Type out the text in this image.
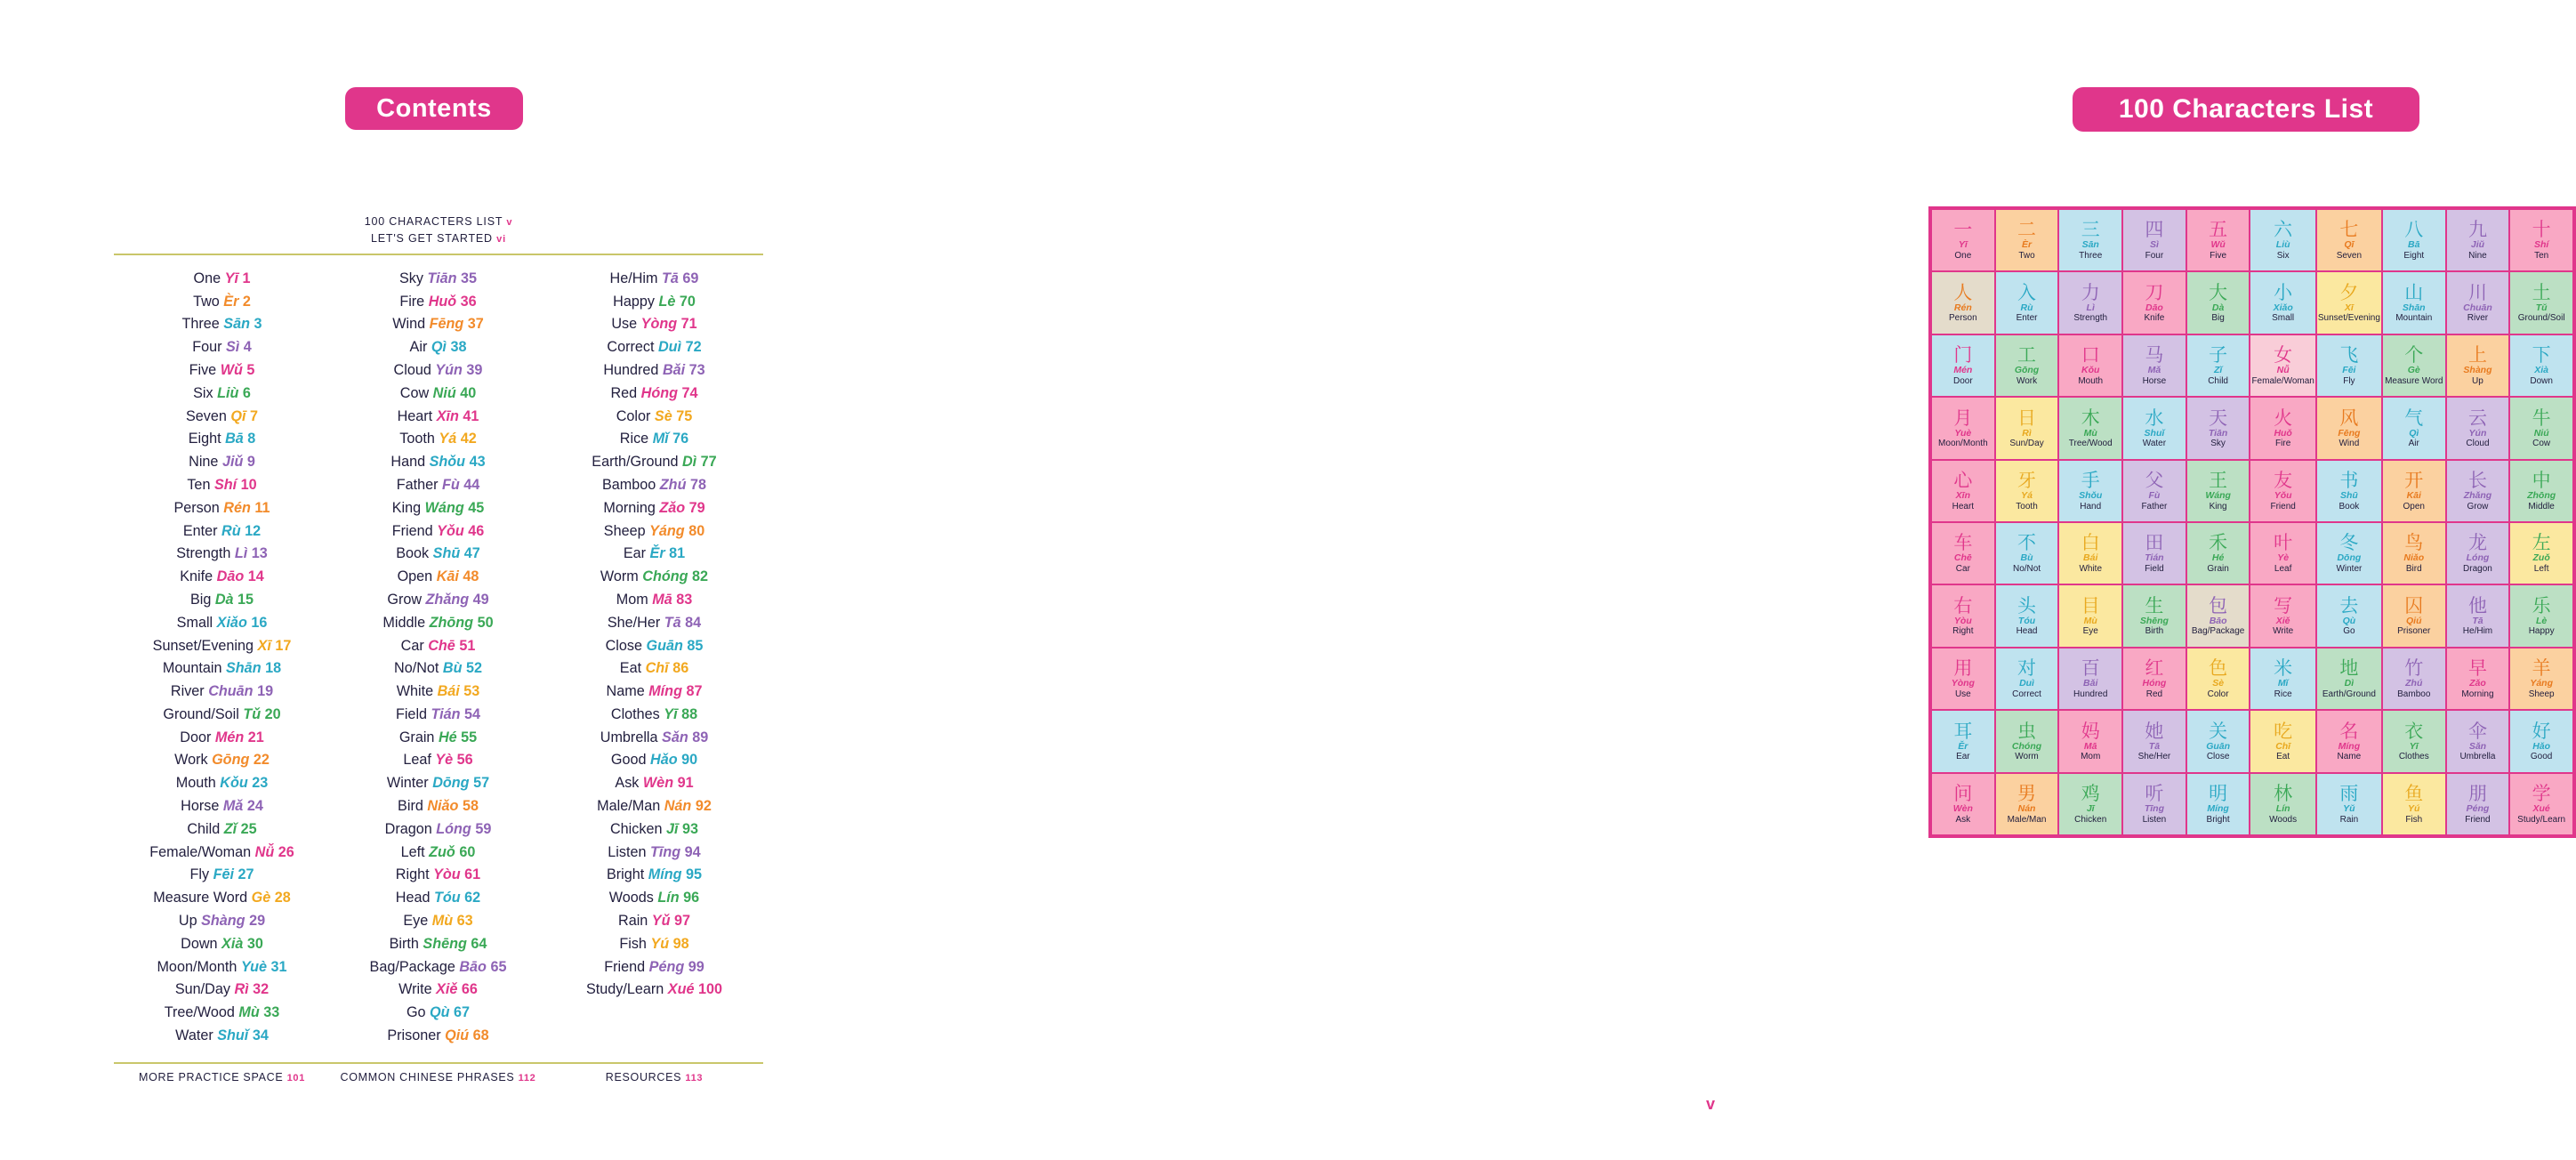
Contents
100 CHARACTERS LIST v
LET'S GET STARTED vi
One Yī 1
Two Èr 2
Three Sān 3
Four Sì 4
Five Wǔ 5
Six Liù 6
Seven Qī 7
Eight Bā 8
Nine Jiǔ 9
Ten Shí 10
Person Rén 11
Enter Rù 12
Strength Lì 13
Knife Dāo 14
Big Dà 15
Small Xiǎo 16
Sunset/Evening Xī 17
Mountain Shān 18
River Chuān 19
Ground/Soil Tǔ 20
Door Mén 21
Work Gōng 22
Mouth Kǒu 23
Horse Mǎ 24
Child Zǐ 25
Female/Woman Nǚ 26
Fly Fēi 27
Measure Word Gè 28
Up Shàng 29
Down Xià 30
Moon/Month Yuè 31
Sun/Day Rì 32
Tree/Wood Mù 33
Water Shuǐ 34
Sky Tiān 35
Fire Huǒ 36
Wind Fēng 37
Air Qì 38
Cloud Yún 39
Cow Niú 40
Heart Xīn 41
Tooth Yá 42
Hand Shǒu 43
Father Fù 44
King Wáng 45
Friend Yǒu 46
Book Shū 47
Open Kāi 48
Grow Zhǎng 49
Middle Zhōng 50
Car Chē 51
No/Not Bù 52
White Bái 53
Field Tián 54
Grain Hé 55
Leaf Yè 56
Winter Dōng 57
Bird Niǎo 58
Dragon Lóng 59
Left Zuǒ 60
Right Yòu 61
Head Tóu 62
Eye Mù 63
Birth Shēng 64
Bag/Package Bāo 65
Write Xiě 66
Go Qù 67
Prisoner Qiú 68
He/Him Tā 69
Happy Lè 70
Use Yòng 71
Correct Duì 72
Hundred Bǎi 73
Red Hóng 74
Color Sè 75
Rice Mǐ 76
Earth/Ground Dì 77
Bamboo Zhú 78
Morning Zǎo 79
Sheep Yáng 80
Ear Ěr 81
Worm Chóng 82
Mom Mā 83
She/Her Tā 84
Close Guān 85
Eat Chī 86
Name Míng 87
Clothes Yī 88
Umbrella Sǎn 89
Good Hǎo 90
Ask Wèn 91
Male/Man Nán 92
Chicken Jī 93
Listen Tīng 94
Bright Míng 95
Woods Lín 96
Rain Yǔ 97
Fish Yú 98
Friend Péng 99
Study/Learn Xué 100
MORE PRACTICE SPACE 101	COMMON CHINESE PHRASES 112	RESOURCES 113
100 Characters List
一
Yī
One
二
Èr
Two
三
Sān
Three
四
Sì
Four
五
Wǔ
Five
六
Liù
Six
七
Qī
Seven
八
Bā
Eight
九
Jiǔ
Nine
十
Shí
Ten
人
Rén
Person
入
Rù
Enter
力
Lì
Strength
刀
Dāo
Knife
大
Dà
Big
小
Xiǎo
Small
夕
Xī
Sunset/Evening
山
Shān
Mountain
川
Chuān
River
土
Tǔ
Ground/Soil
门
Mén
Door
工
Gōng
Work
口
Kǒu
Mouth
马
Mǎ
Horse
子
Zǐ
Child
女
Nǚ
Female/Woman
飞
Fēi
Fly
个
Gè
Measure Word
上
Shàng
Up
下
Xià
Down
月
Yuè
Moon/Month
日
Rì
Sun/Day
木
Mù
Tree/Wood
水
Shuǐ
Water
天
Tiān
Sky
火
Huǒ
Fire
风
Fēng
Wind
气
Qì
Air
云
Yún
Cloud
牛
Niú
Cow
心
Xīn
Heart
牙
Yá
Tooth
手
Shǒu
Hand
父
Fù
Father
王
Wáng
King
友
Yǒu
Friend
书
Shū
Book
开
Kāi
Open
长
Zhǎng
Grow
中
Zhōng
Middle
车
Chē
Car
不
Bù
No/Not
白
Bái
White
田
Tián
Field
禾
Hé
Grain
叶
Yè
Leaf
冬
Dōng
Winter
鸟
Niǎo
Bird
龙
Lóng
Dragon
左
Zuǒ
Left
右
Yòu
Right
头
Tóu
Head
目
Mù
Eye
生
Shēng
Birth
包
Bāo
Bag/Package
写
Xiě
Write
去
Qù
Go
囚
Qiú
Prisoner
他
Tā
He/Him
乐
Lè
Happy
用
Yòng
Use
对
Duì
Correct
百
Bǎi
Hundred
红
Hóng
Red
色
Sè
Color
米
Mǐ
Rice
地
Dì
Earth/Ground
竹
Zhú
Bamboo
早
Zǎo
Morning
羊
Yáng
Sheep
耳
Ěr
Ear
虫
Chóng
Worm
妈
Mā
Mom
她
Tā
She/Her
关
Guān
Close
吃
Chī
Eat
名
Míng
Name
衣
Yī
Clothes
伞
Sǎn
Umbrella
好
Hǎo
Good
问
Wèn
Ask
男
Nán
Male/Man
鸡
Jī
Chicken
听
Tīng
Listen
明
Míng
Bright
林
Lín
Woods
雨
Yǔ
Rain
鱼
Yú
Fish
朋
Péng
Friend
学
Xué
Study/Learn
v
